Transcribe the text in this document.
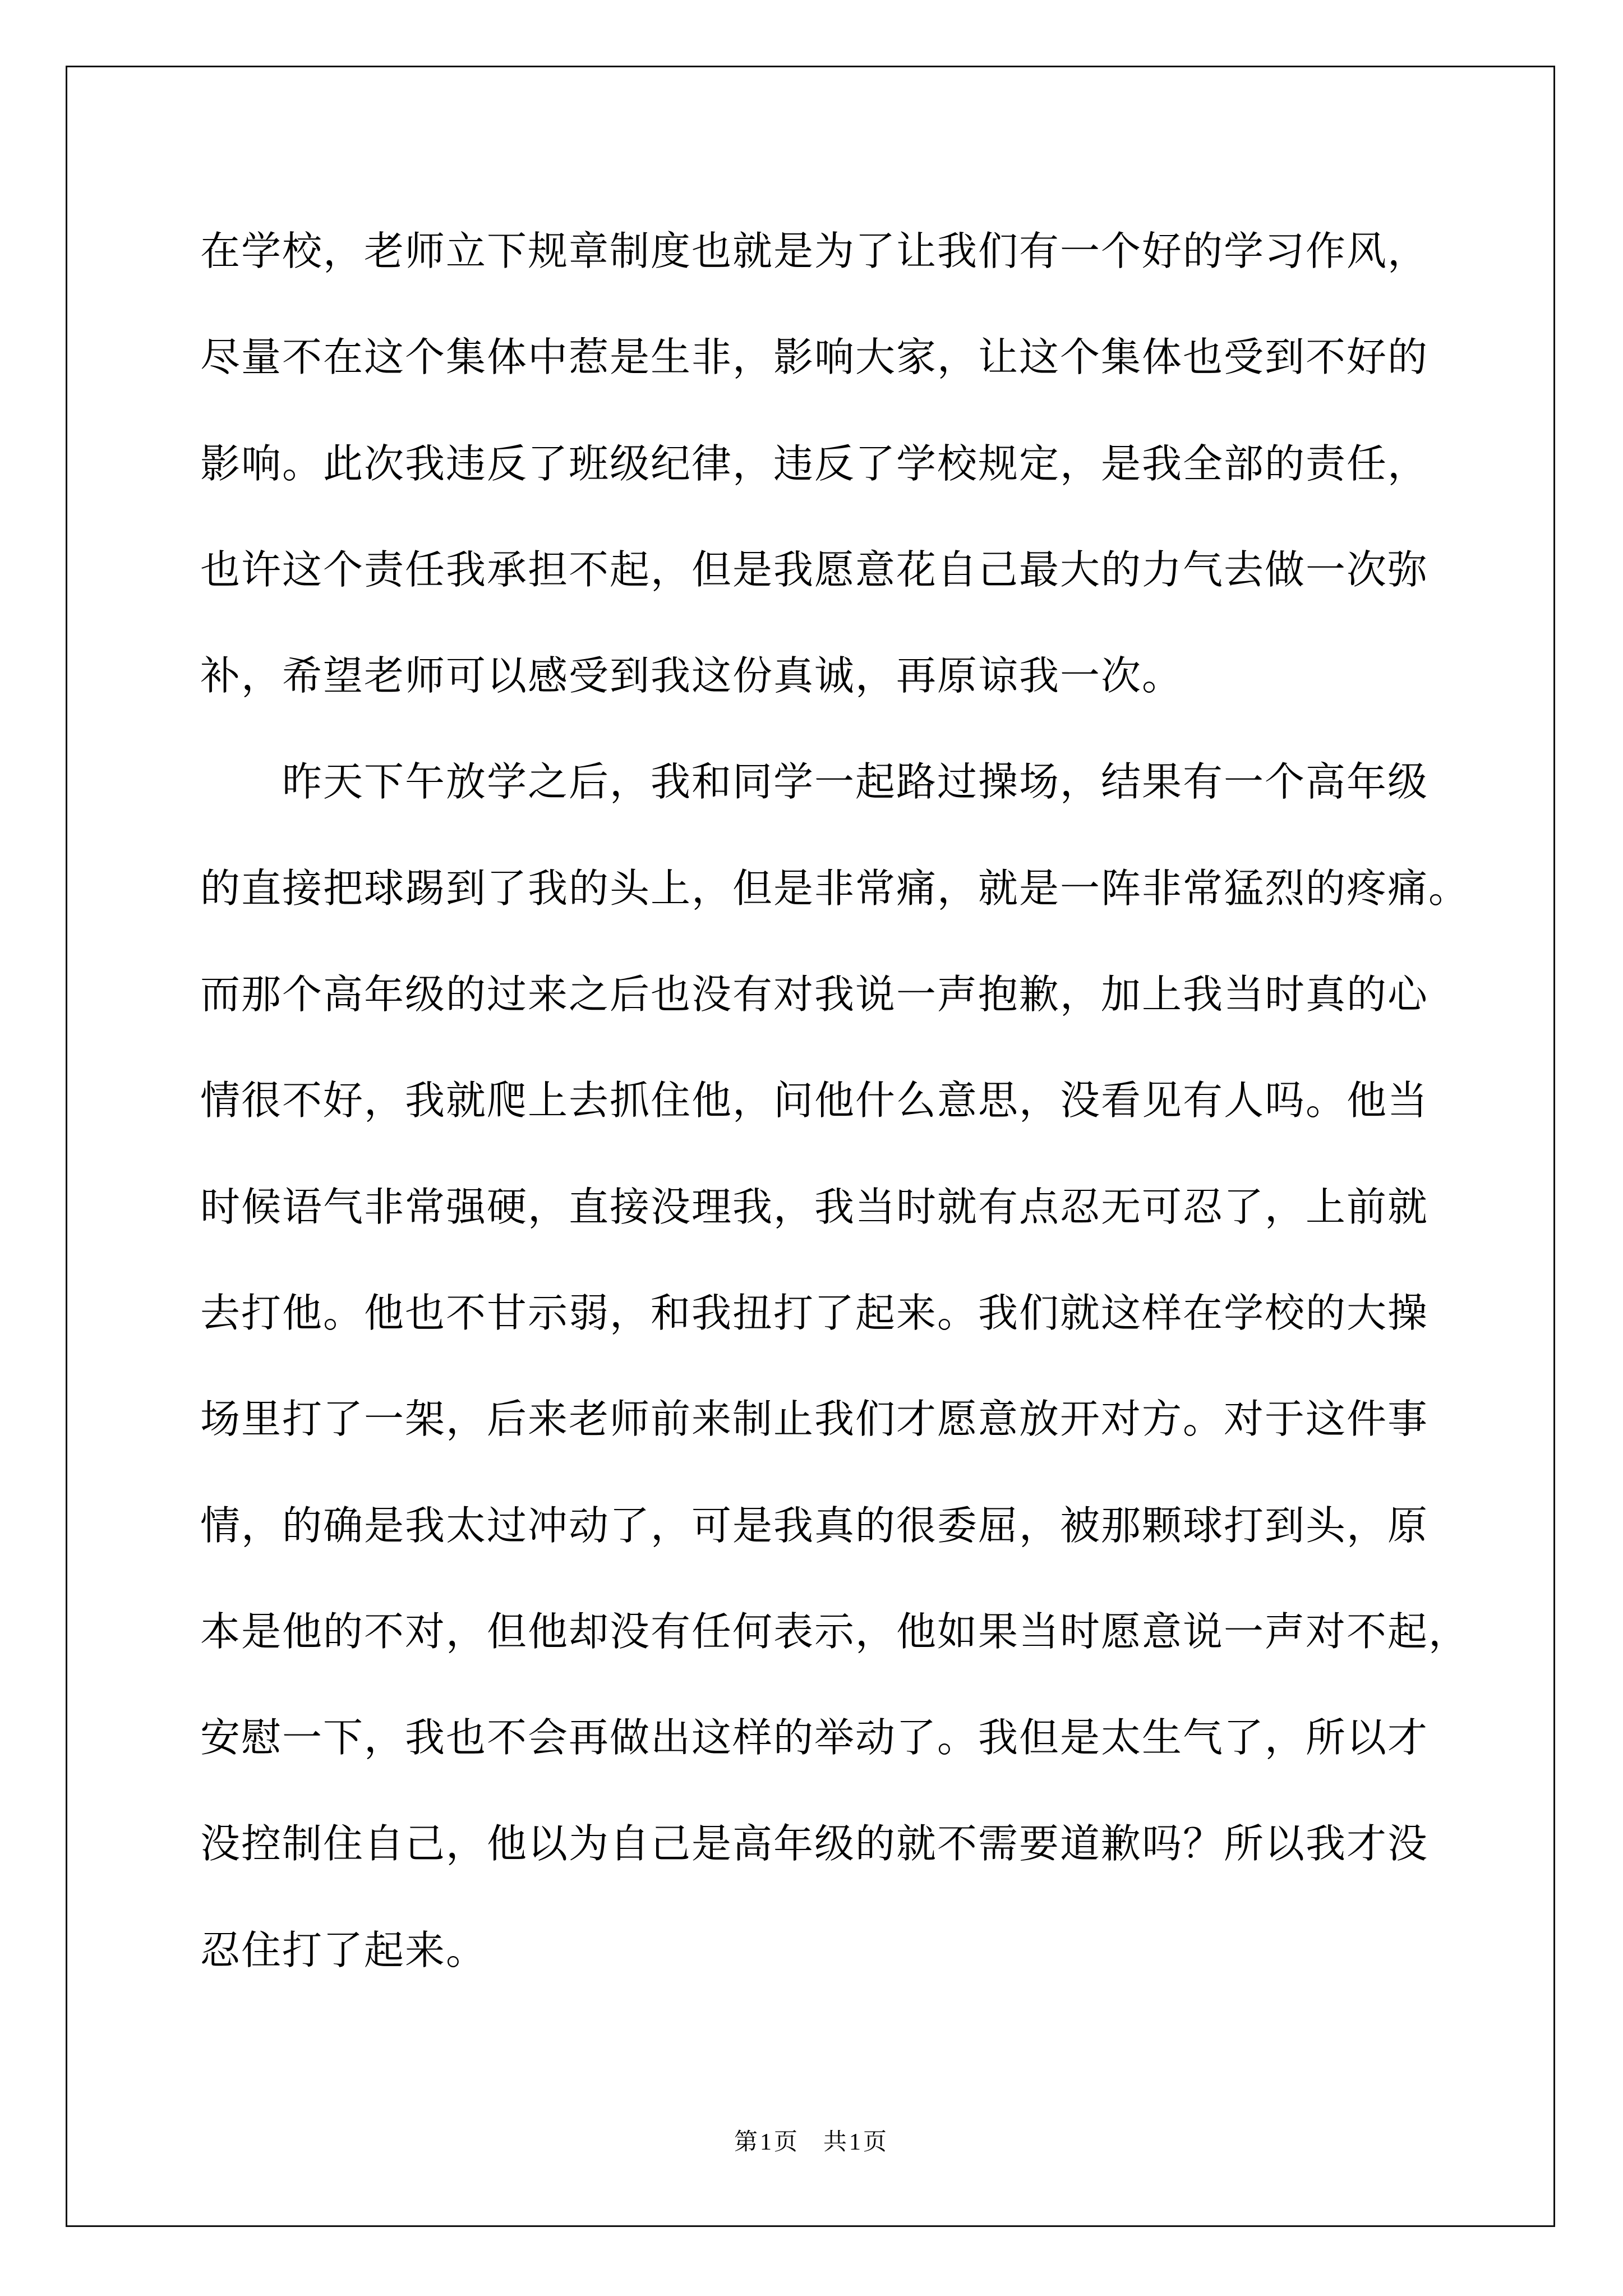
在学校，老师立下规章制度也就是为了让我们有一个好的学习作风，
尽量不在这个集体中惹是生非，影响大家，让这个集体也受到不好的
影响。此次我违反了班级纪律，违反了学校规定，是我全部的责任，
也许这个责任我承担不起，但是我愿意花自己最大的力气去做一次弥
补，希望老师可以感受到我这份真诚，再原谅我一次。
昨天下午放学之后，我和同学一起路过操场，结果有一个高年级
的直接把球踢到了我的头上，但是非常痛，就是一阵非常猛烈的疼痛。
而那个高年级的过来之后也没有对我说一声抱歉，加上我当时真的心
情很不好，我就爬上去抓住他，问他什么意思，没看见有人吗。他当
时候语气非常强硬，直接没理我，我当时就有点忍无可忍了，上前就
去打他。他也不甘示弱，和我扭打了起来。我们就这样在学校的大操
场里打了一架，后来老师前来制止我们才愿意放开对方。对于这件事
情，的确是我太过冲动了，可是我真的很委屈，被那颗球打到头，原
本是他的不对，但他却没有任何表示，他如果当时愿意说一声对不起，
安慰一下，我也不会再做出这样的举动了。我但是太生气了，所以才
没控制住自己，他以为自己是高年级的就不需要道歉吗？所以我才没
忍住打了起来。
第1页 共1页
